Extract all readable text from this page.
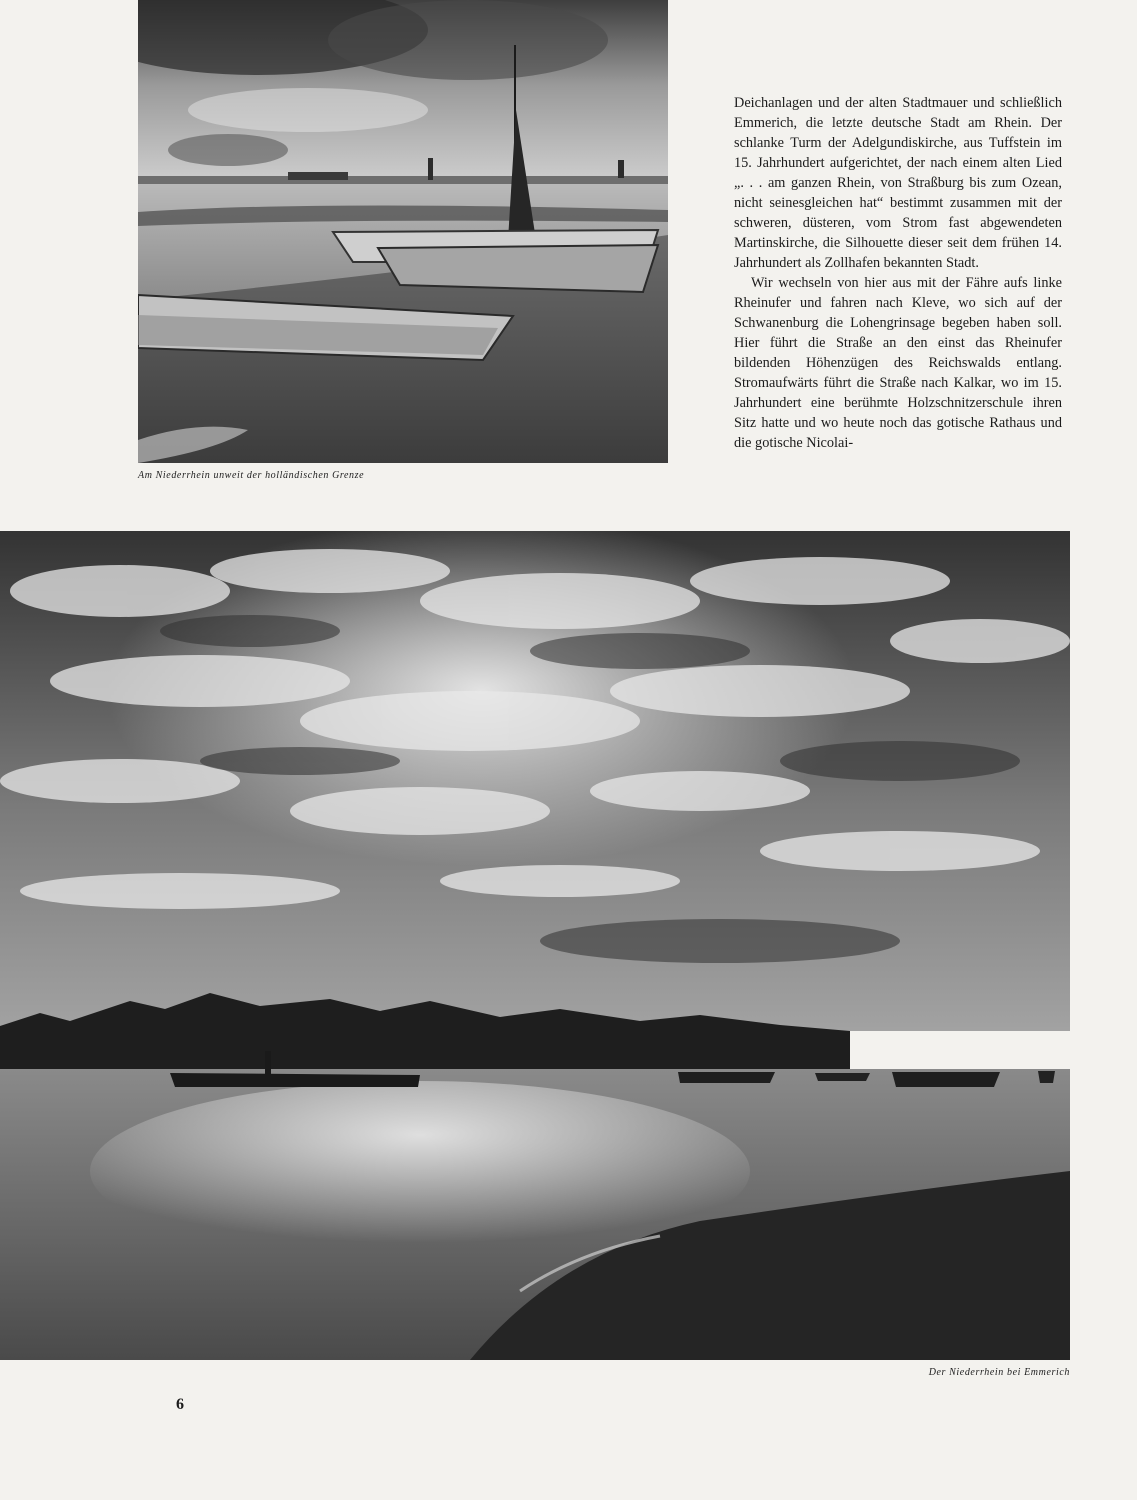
Am Niederrhein unweit der holländischen Grenze

Deichanlagen und der alten Stadtmauer und schließlich Emmerich, die letzte deutsche Stadt am Rhein. Der schlanke Turm der Adelgundiskirche, aus Tuffstein im 15. Jahrhundert aufgerichtet, der nach einem alten Lied „. . . am ganzen Rhein, von Straßburg bis zum Ozean, nicht seinesgleichen hat“ bestimmt zusammen mit der schweren, düsteren, vom Strom fast abgewendeten Martinskirche, die Silhouette dieser seit dem frühen 14. Jahrhundert als Zollhafen bekannten Stadt.

Wir wechseln von hier aus mit der Fähre aufs linke Rheinufer und fahren nach Kleve, wo sich auf der Schwanenburg die Lohengrinsage begeben haben soll. Hier führt die Straße an den einst das Rheinufer bildenden Höhenzügen des Reichswalds entlang. Stromaufwärts führt die Straße nach Kalkar, wo im 15. Jahrhundert eine berühmte Holzschnitzerschule ihren Sitz hatte und wo heute noch das gotische Rathaus und die gotische Nicolai-

Der Niederrhein bei Emmerich
6
